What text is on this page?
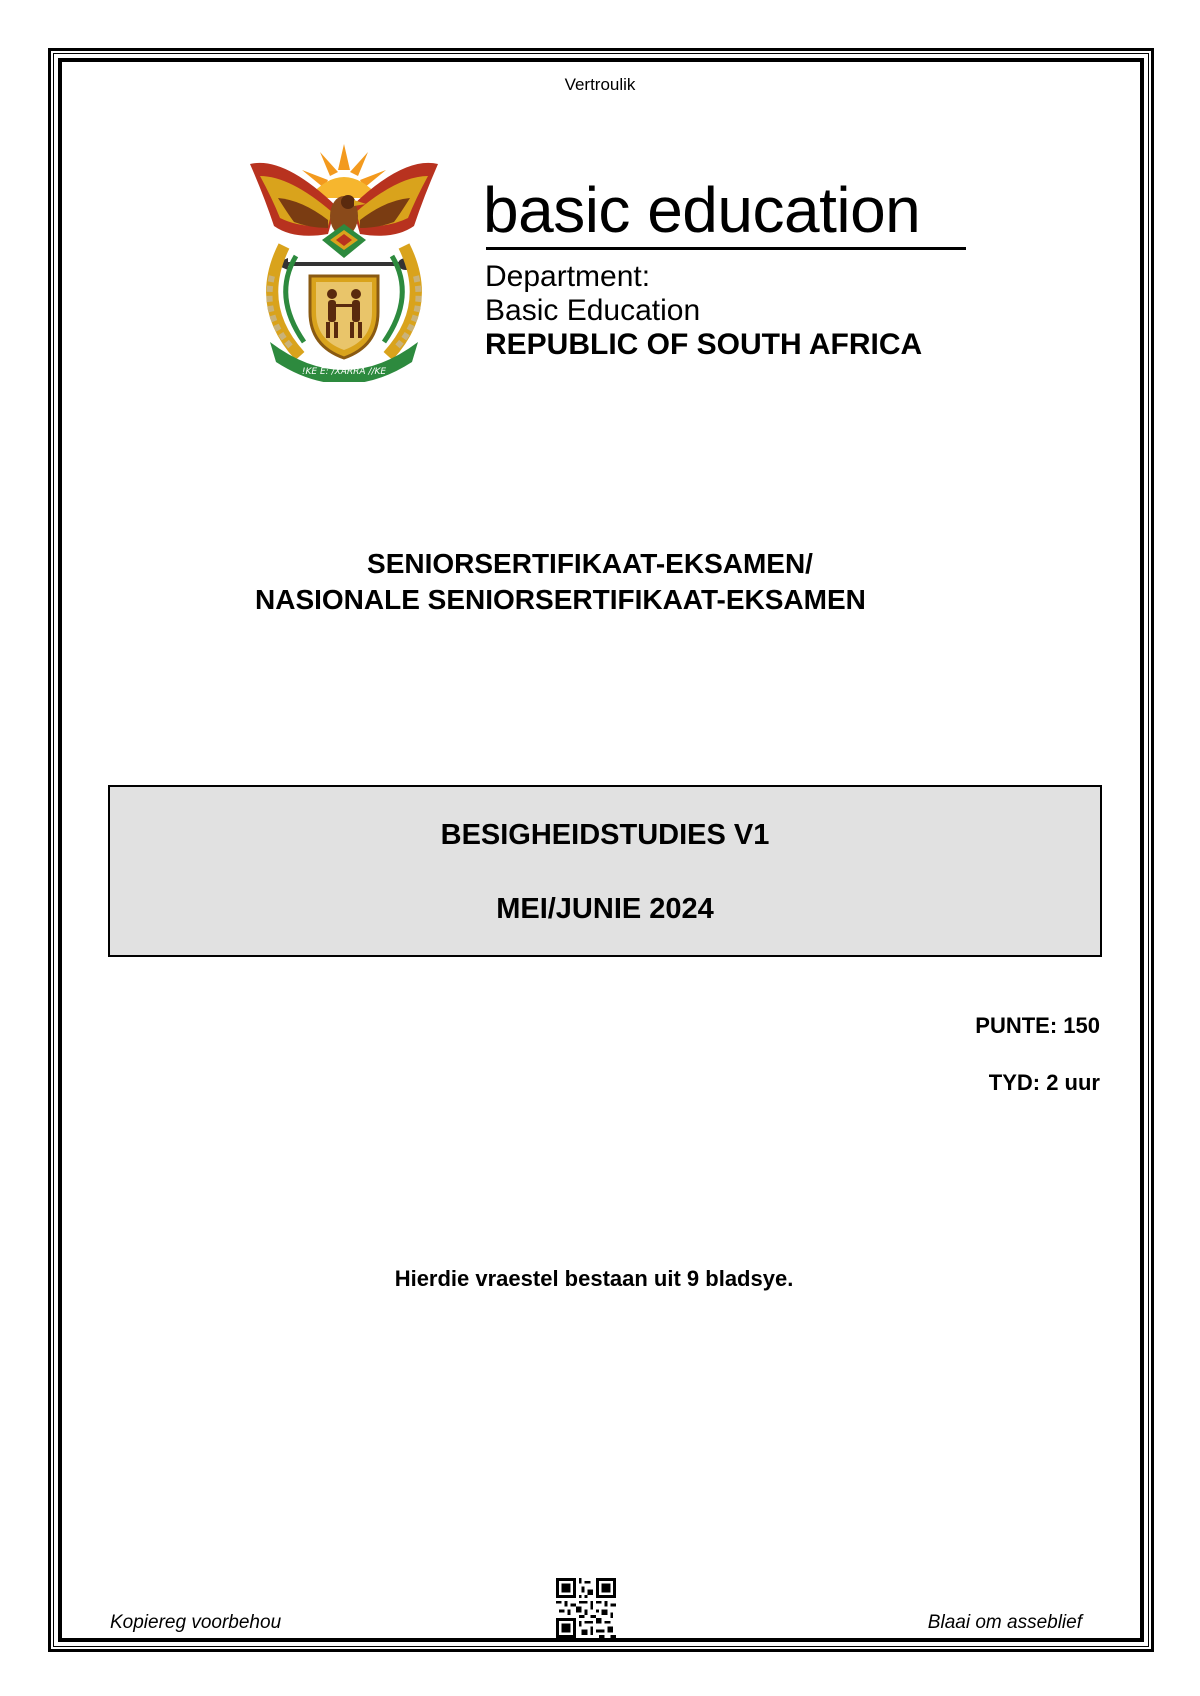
Vertroulik
!KE E: /XARRA //KE
basic education
Department:
Basic Education
REPUBLIC OF SOUTH AFRICA
SENIORSERTIFIKAAT-EKSAMEN/
NASIONALE SENIORSERTIFIKAAT-EKSAMEN
BESIGHEIDSTUDIES V1
MEI/JUNIE 2024
PUNTE: 150
TYD: 2 uur
Hierdie vraestel bestaan uit 9 bladsye.
Kopiereg voorbehou	Blaai om asseblief
